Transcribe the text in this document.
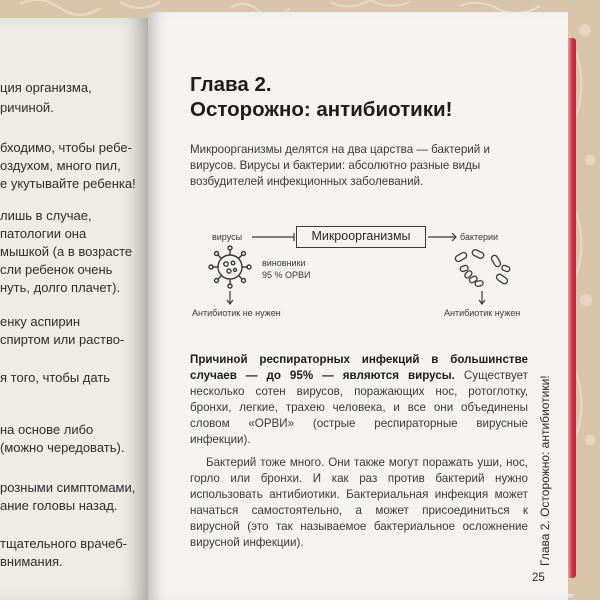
ция организма,
ричиной.
бходимо, чтобы ребе-
оздухом, много пил,
е укутывайте ребенка!
лишь в случае,
патологии она
мышкой (а в возрасте
сли ребенок очень
нуть, долго плачет).
енку аспирин
спиртом или раство-
я того, чтобы дать
на основе либо
(можно чередовать).
розными симптомами,
ание головы назад.
тщательного врачеб-
внимания.
Глава 2.
Осторожно: антибиотики!
Микроорганизмы делятся на два царства — бактерий и вирусов. Вирусы и бактерии: абсолютно разные виды возбудителей инфекционных заболеваний.
вирусы	Микроорганизмы	бактерии
виновники
95 % ОРВИ
Антибиотик не нужен	Антибиотик нужен

Причиной респираторных инфекций в большинстве случаев — до 95% — являются вирусы. Существует несколько сотен вирусов, поражающих нос, ротоглотку, бронхи, легкие, трахею человека, и все они объединены словом «ОРВИ» (острые респираторные вирусные инфекции).

Бактерий тоже много. Они также могут поражать уши, нос, горло или бронхи. И как раз против бактерий нужно использовать антибиотики. Бактериальная инфекция может начаться самостоятельно, а может присоединиться к вирусной (это так называемое бактериальное осложнение вирусной инфекции).	Глава 2. Осторожно: антибиотики!
25
